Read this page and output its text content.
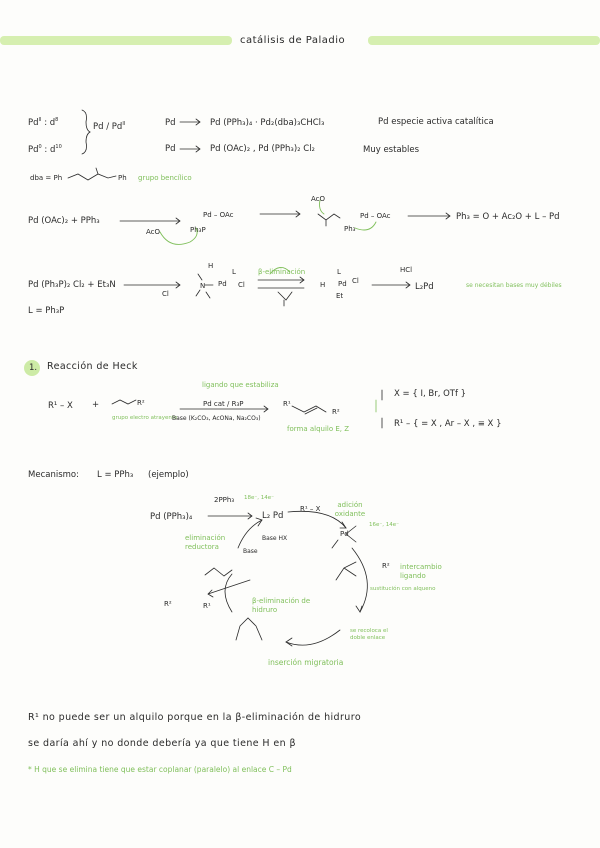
catálisis de Paladio
$Pd^{II}$ : $d^8$
Pd$^0$ : $d^{10}$
Pd / $Pd^{II}$	Pd	Pd (PPh₃)₄ · Pd₂(dba)₃CHCl₃	Pd especie activa catalítica
Pd	Pd (OAc)₂ , Pd (PPh₃)₂ Cl₂	Muy estables
dba = Ph	Ph grupo bencílico
Pd (OAc)₂ + PPh₃
AcO
Pd – OAc
Ph₃P
AcO
Pd – OAc
Ph₃
Ph₃ = O + Ac₂O + L – Pd
Pd (Ph₃P)₂ Cl₂ + Et₃N
Cl
β-eliminación	HCl
L₂Pd	se necesitan bases muy débiles
L = Ph₃P
H
Pd
L
Cl
N	H Pd
L
Cl
Et
1. Reacción de Heck
R¹ – X +	R²
grupo electro atrayente
ligando que estabiliza
Pd cat / R₃P
Base (K₂CO₃, AcONa, Na₂CO₃)
R¹
R²
forma alquilo E, Z
X = { I, Br, OTf }
R¹ – { = X , Ar – X , ≡ X }
Mecanismo: L = PPh₃ (ejemplo)
Pd (PPh₃)₄
2PPh₃ 18e⁻, 14e⁻
L₂ Pd
R¹ – X	adición oxidante
16e⁻, 14e⁻
Pd
intercambio ligando
sustitución con alqueno
R²
inserción migratoria
se recoloca el doble enlace
β-eliminación de hidruro
eliminación reductora
Base HX
Base
R²	R¹
R¹ no puede ser un alquilo porque en la β-eliminación de hidruro
se daría ahí y no donde debería ya que tiene H en β
* H que se elimina tiene que estar coplanar (paralelo) al enlace C – Pd
